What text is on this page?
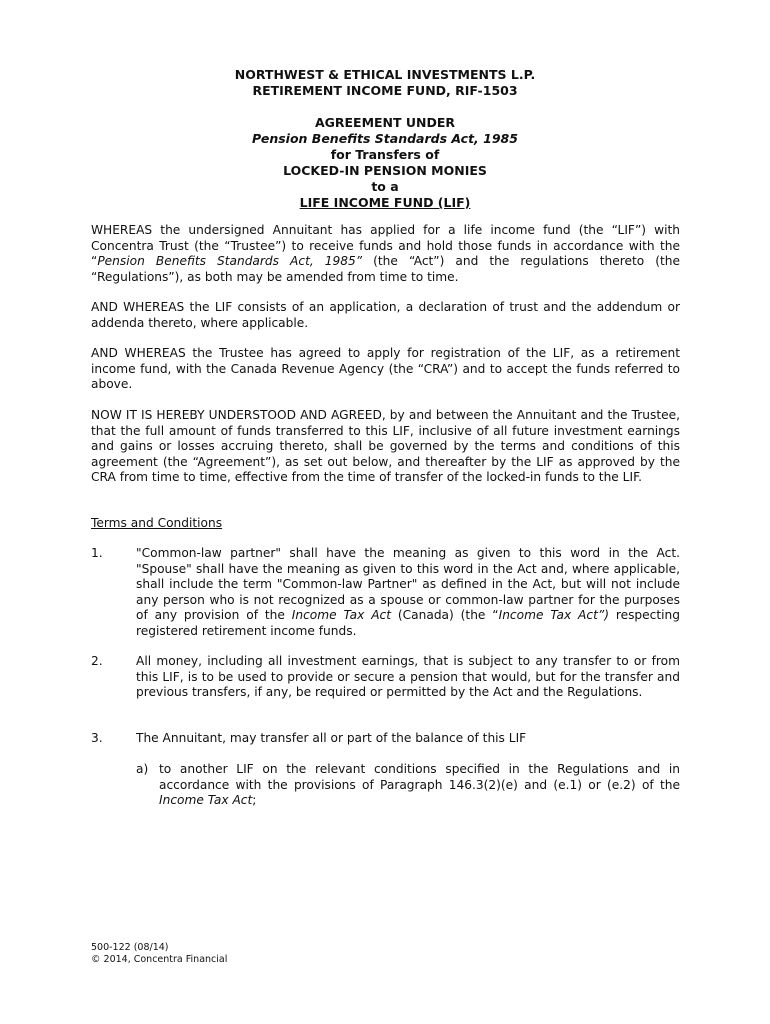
NORTHWEST & ETHICAL INVESTMENTS L.P.
RETIREMENT INCOME FUND, RIF-1503
AGREEMENT UNDER
Pension Benefits Standards Act, 1985
for Transfers of
LOCKED-IN PENSION MONIES
to a
LIFE INCOME FUND (LIF)
WHEREAS the undersigned Annuitant has applied for a life income fund (the “LIF”) with Concentra Trust (the “Trustee”) to receive funds and hold those funds in accordance with the “Pension Benefits Standards Act, 1985” (the “Act”) and the regulations thereto (the “Regulations”), as both may be amended from time to time.
AND WHEREAS the LIF consists of an application, a declaration of trust and the addendum or addenda thereto, where applicable.
AND WHEREAS the Trustee has agreed to apply for registration of the LIF, as a retirement income fund, with the Canada Revenue Agency (the “CRA”) and to accept the funds referred to above.
NOW IT IS HEREBY UNDERSTOOD AND AGREED, by and between the Annuitant and the Trustee, that the full amount of funds transferred to this LIF, inclusive of all future investment earnings and gains or losses accruing thereto, shall be governed by the terms and conditions of this agreement (the “Agreement”), as set out below, and thereafter by the LIF as approved by the CRA from time to time, effective from the time of transfer of the locked-in funds to the LIF.
Terms and Conditions
1.	"Common-law partner" shall have the meaning as given to this word in the Act. "Spouse" shall have the meaning as given to this word in the Act and, where applicable, shall include the term "Common-law Partner" as defined in the Act, but will not include any person who is not recognized as a spouse or common-law partner for the purposes of any provision of the Income Tax Act (Canada) (the “Income Tax Act”) respecting registered retirement income funds.
2.	All money, including all investment earnings, that is subject to any transfer to or from this LIF, is to be used to provide or secure a pension that would, but for the transfer and previous transfers, if any, be required or permitted by the Act and the Regulations.
3.	The Annuitant, may transfer all or part of the balance of this LIF
a) to another LIF on the relevant conditions specified in the Regulations and in accordance with the provisions of Paragraph 146.3(2)(e) and (e.1) or (e.2) of the Income Tax Act;
500-122 (08/14)
© 2014, Concentra Financial
